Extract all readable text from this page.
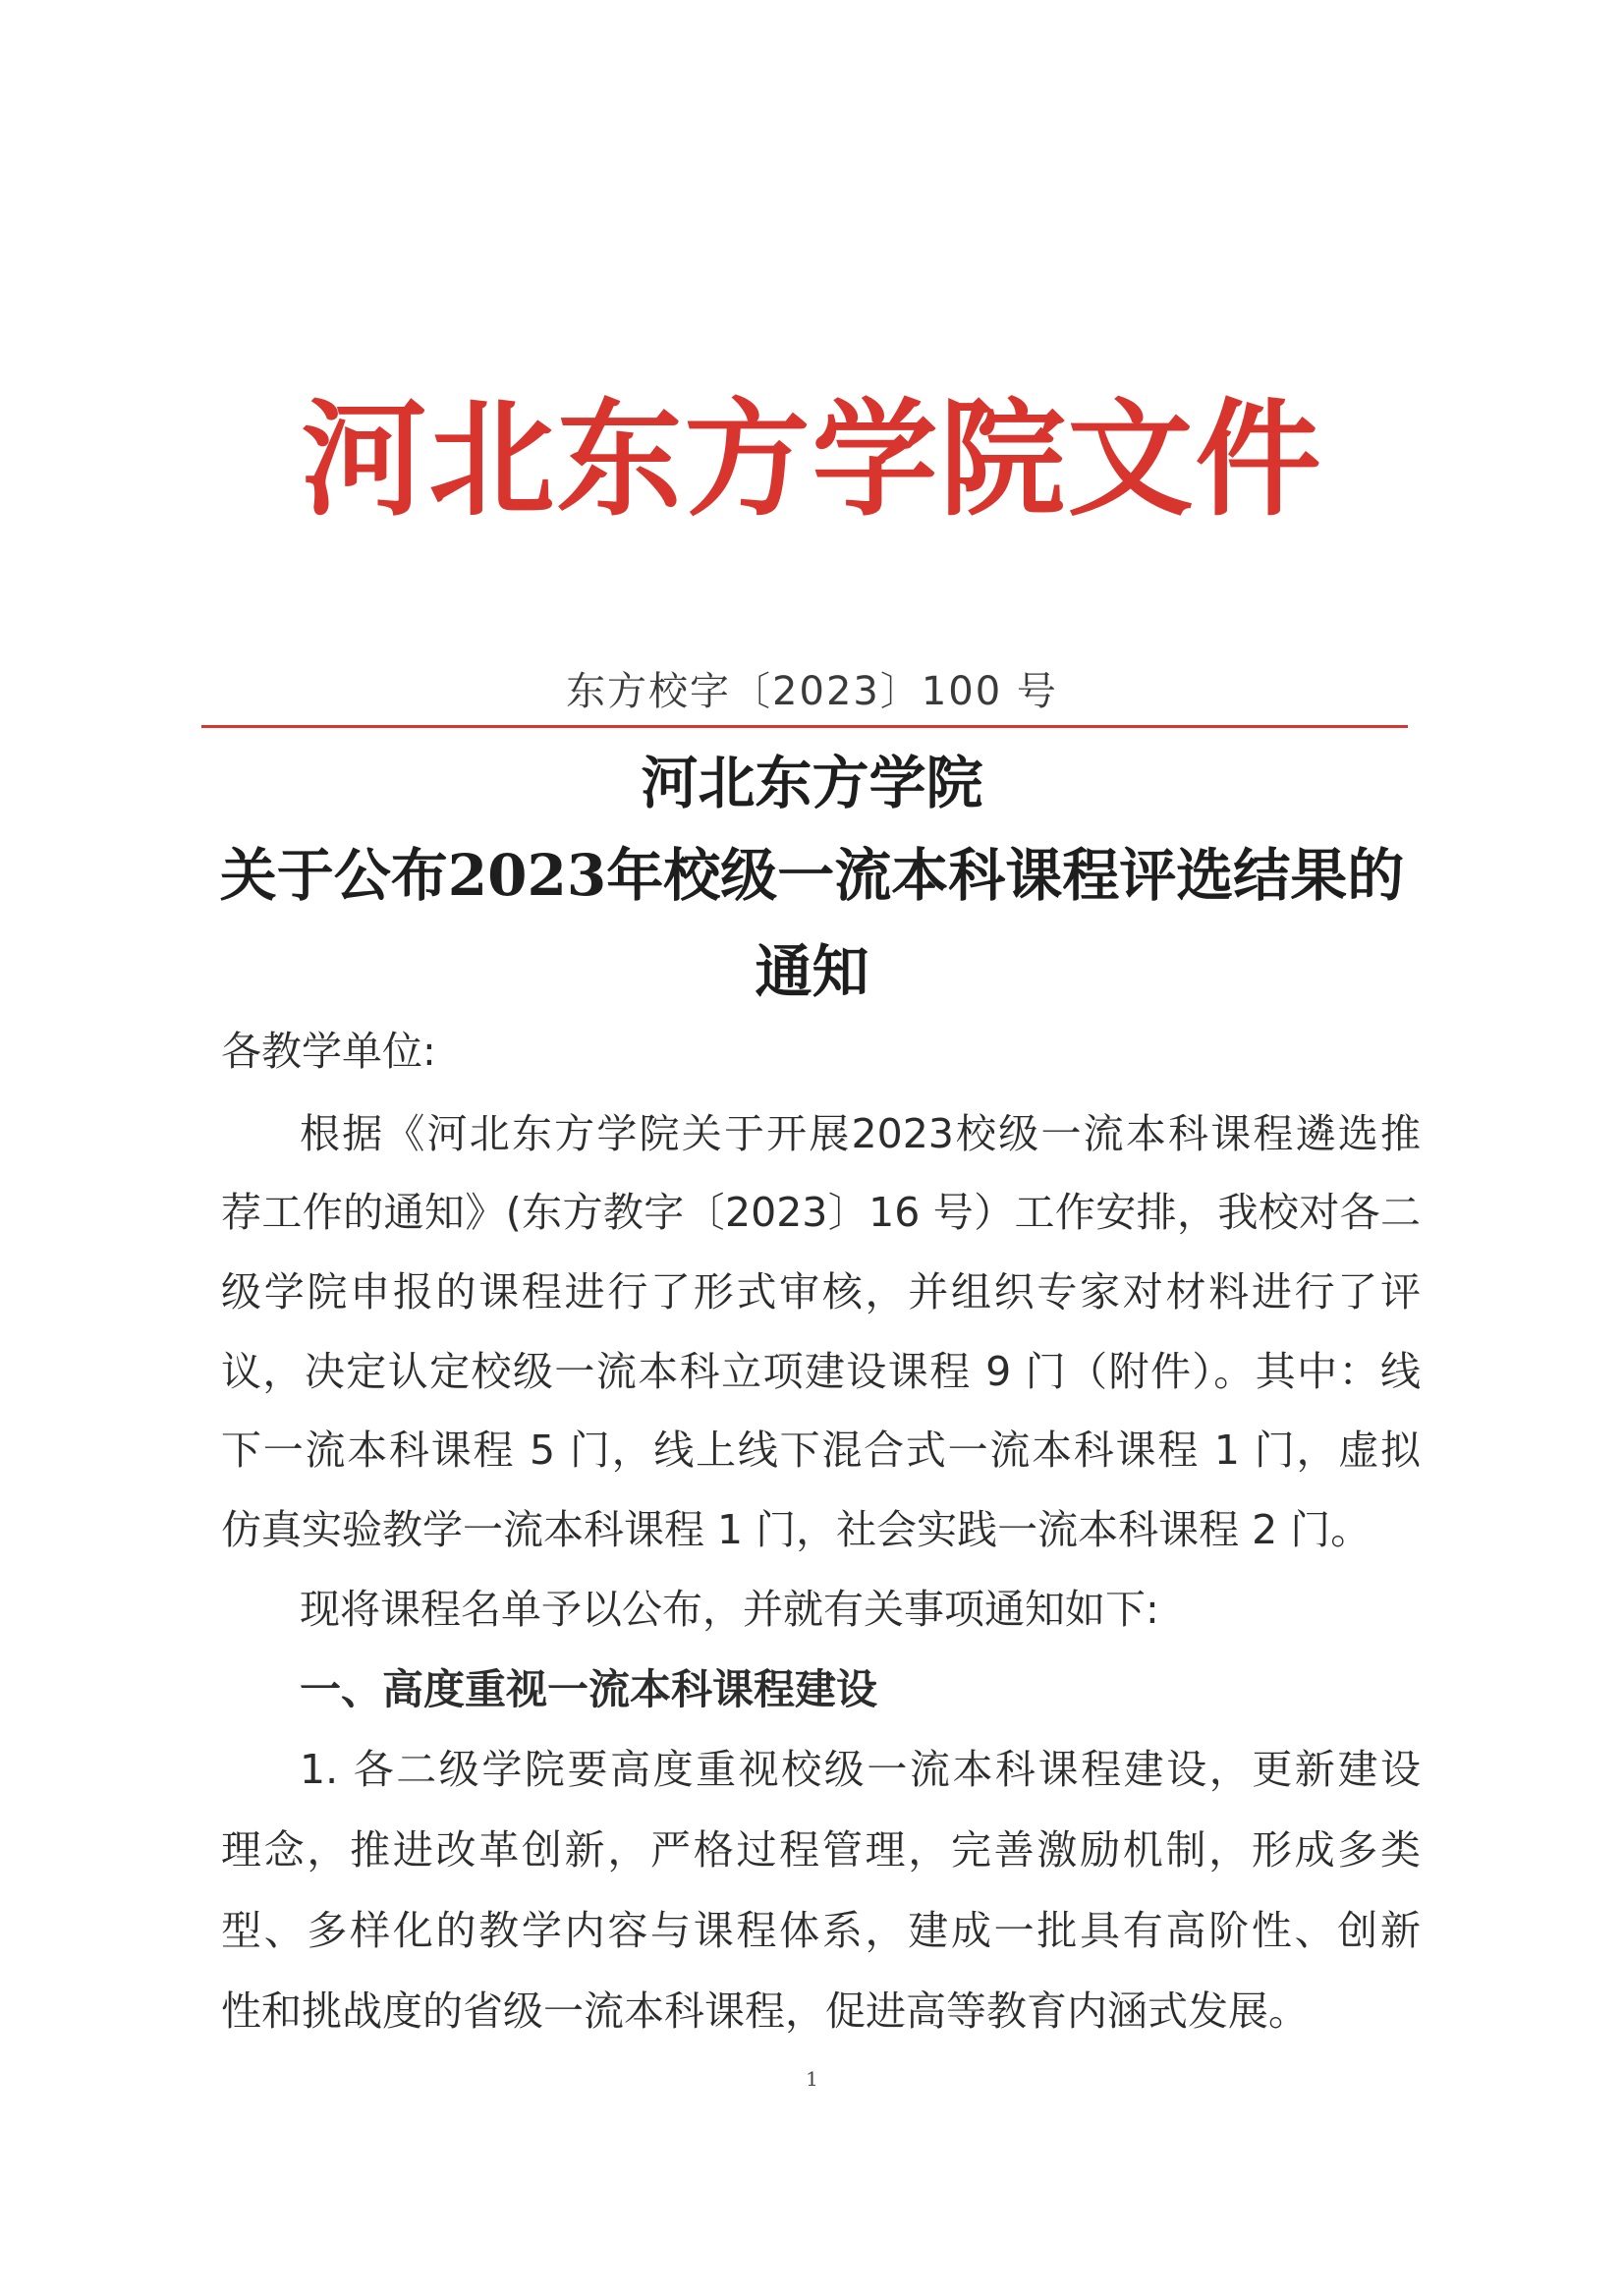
河北东方学院文件
东方校字〔2023〕100 号
河北东方学院
关于公布2023年校级一流本科课程评选结果的
通知
各教学单位:
根据《河北东方学院关于开展2023校级一流本科课程遴选推
荐工作的通知》(东方教字〔2023〕16 号）工作安排，我校对各二
级学院申报的课程进行了形式审核，并组织专家对材料进行了评
议，决定认定校级一流本科立项建设课程 9 门（附件）。其中：线
下一流本科课程 5 门，线上线下混合式一流本科课程 1 门，虚拟
仿真实验教学一流本科课程 1 门，社会实践一流本科课程 2 门。
现将课程名单予以公布，并就有关事项通知如下:
一、高度重视一流本科课程建设
1. 各二级学院要高度重视校级一流本科课程建设，更新建设
理念，推进改革创新，严格过程管理，完善激励机制，形成多类
型、多样化的教学内容与课程体系，建成一批具有高阶性、创新
性和挑战度的省级一流本科课程，促进高等教育内涵式发展。
1
